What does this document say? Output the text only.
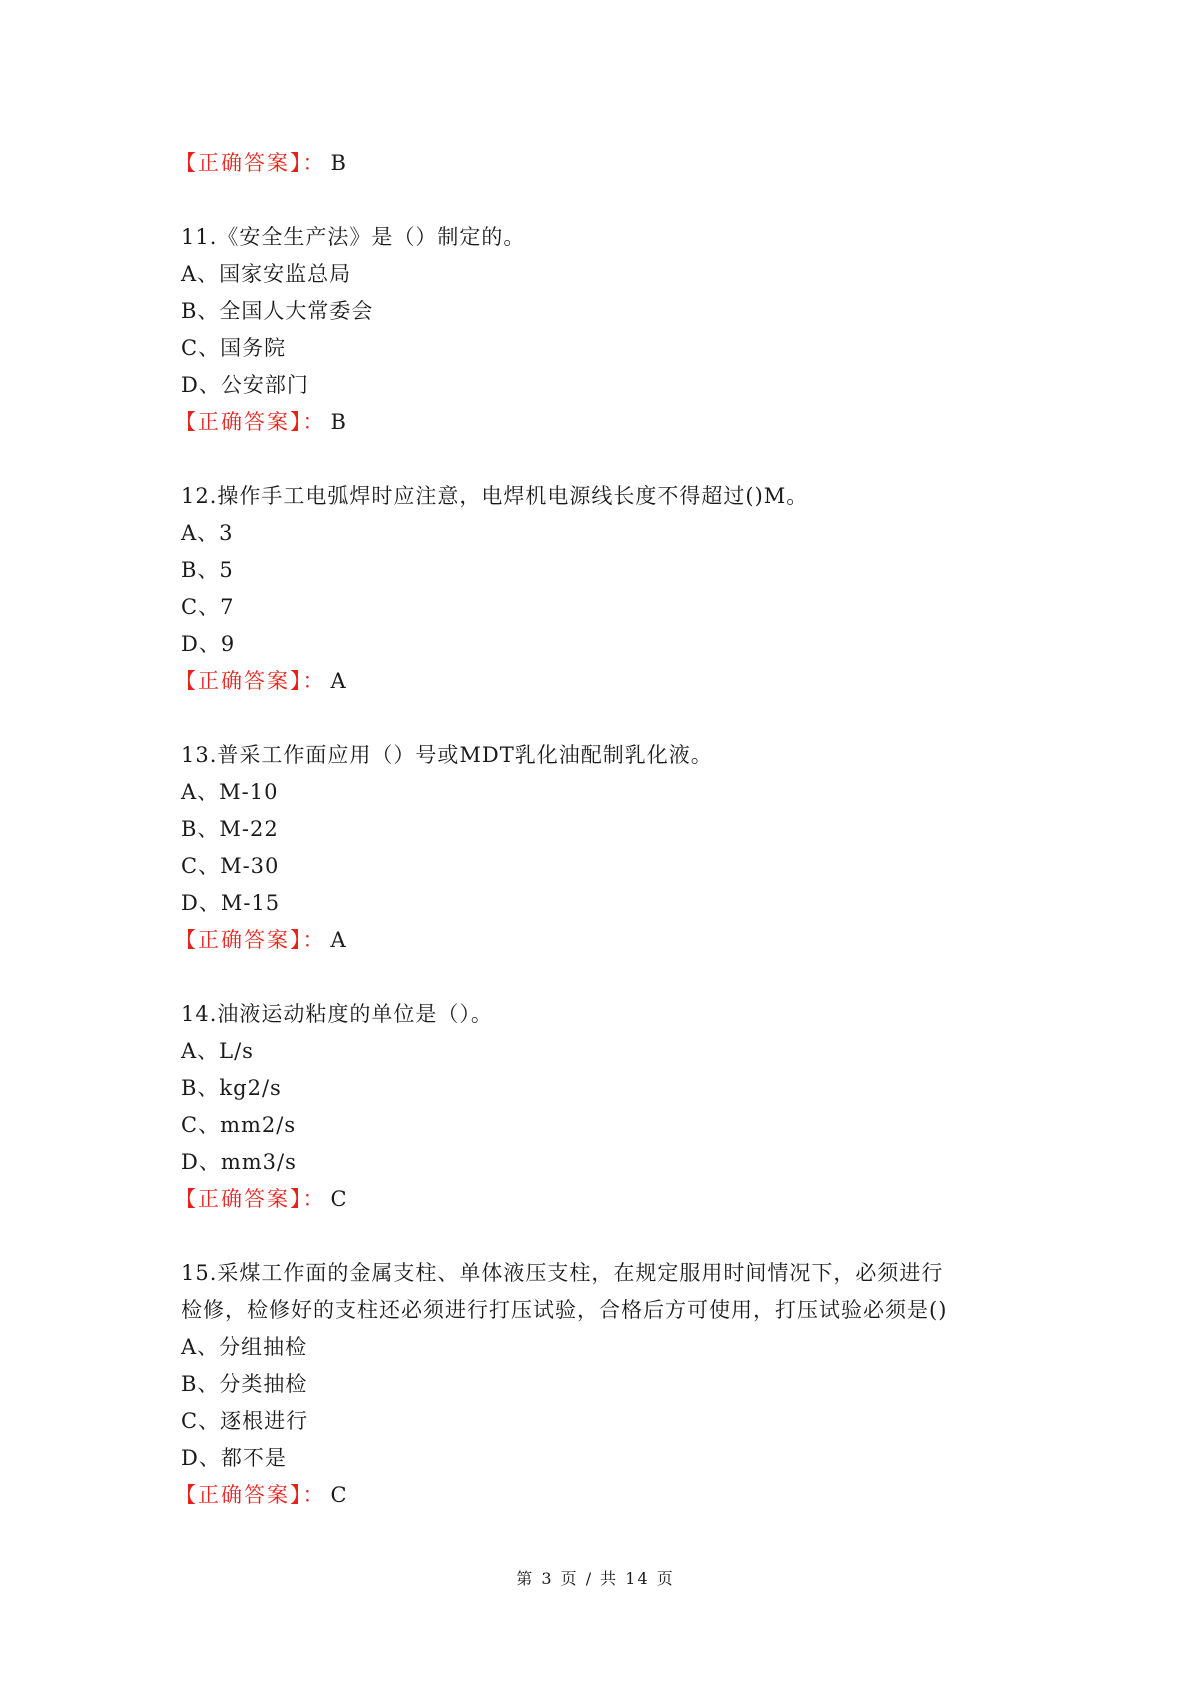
【正确答案】： B
11.《安全生产法》是（）制定的。
A、国家安监总局
B、全国人大常委会
C、国务院
D、公安部门
【正确答案】： B
12.操作手工电弧焊时应注意，电焊机电源线长度不得超过()M。
A、3
B、5
C、7
D、9
【正确答案】： A
13.普采工作面应用（）号或MDT乳化油配制乳化液。
A、M-10
B、M-22
C、M-30
D、M-15
【正确答案】： A
14.油液运动粘度的单位是（）。
A、L/s
B、kg2/s
C、mm2/s
D、mm3/s
【正确答案】： C
15.采煤工作面的金属支柱、单体液压支柱，在规定服用时间情况下，必须进行
检修，检修好的支柱还必须进行打压试验，合格后方可使用，打压试验必须是()
A、分组抽检
B、分类抽检
C、逐根进行
D、都不是
【正确答案】： C
第 3 页 / 共 14 页
